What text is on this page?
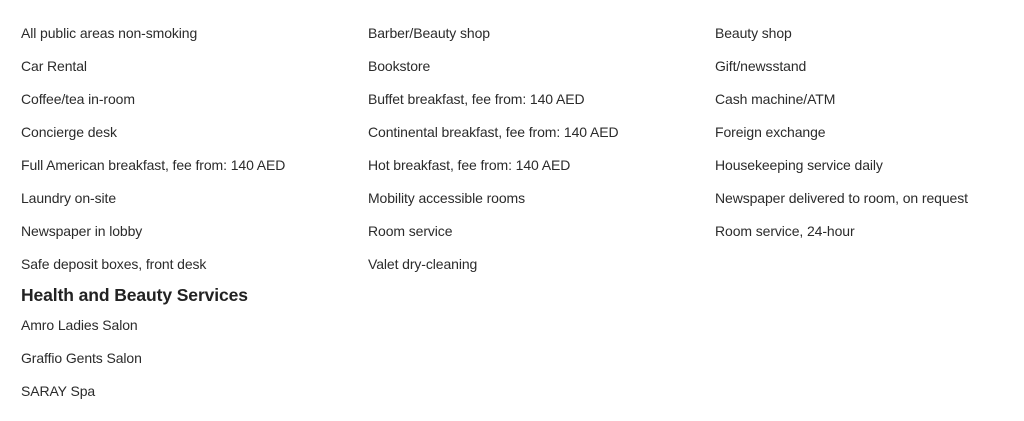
All public areas non-smoking
Car Rental
Coffee/tea in-room
Concierge desk
Full American breakfast, fee from: 140 AED
Laundry on-site
Newspaper in lobby
Safe deposit boxes, front desk
Barber/Beauty shop
Bookstore
Buffet breakfast, fee from: 140 AED
Continental breakfast, fee from: 140 AED
Hot breakfast, fee from: 140 AED
Mobility accessible rooms
Room service
Valet dry-cleaning
Beauty shop
Gift/newsstand
Cash machine/ATM
Foreign exchange
Housekeeping service daily
Newspaper delivered to room, on request
Room service, 24-hour
Health and Beauty Services
Amro Ladies Salon
Graffio Gents Salon
SARAY Spa
